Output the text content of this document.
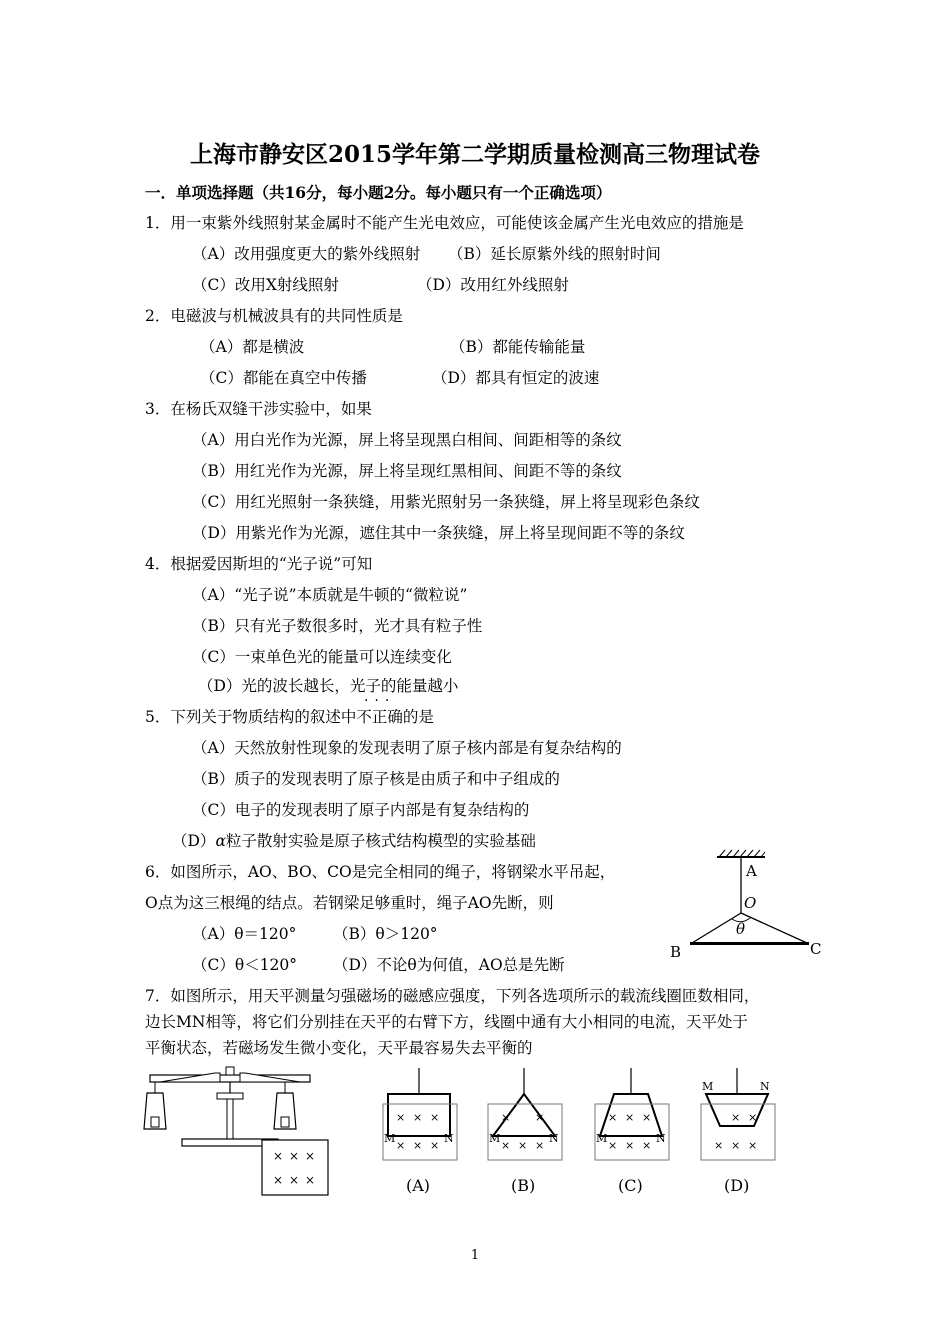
上海市静安区2015学年第二学期质量检测高三物理试卷
一．单项选择题（共16分，每小题2分。每小题只有一个正确选项）
1．用一束紫外线照射某金属时不能产生光电效应，可能使该金属产生光电效应的措施是
（A）改用强度更大的紫外线照射 （B）延长原紫外线的照射时间
（C）改用X射线照射	（D）改用红外线照射
2．电磁波与机械波具有的共同性质是
（A）都是横波	（B）都能传输能量
（C）都能在真空中传播	（D）都具有恒定的波速
3．在杨氏双缝干涉实验中，如果
（A）用白光作为光源，屏上将呈现黑白相间、间距相等的条纹
（B）用红光作为光源，屏上将呈现红黑相间、间距不等的条纹
（C）用红光照射一条狭缝，用紫光照射另一条狭缝，屏上将呈现彩色条纹
（D）用紫光作为光源，遮住其中一条狭缝，屏上将呈现间距不等的条纹
4．根据爱因斯坦的“光子说”可知
（A）“光子说”本质就是牛顿的“微粒说”
（B）只有光子数很多时，光才具有粒子性
（C）一束单色光的能量可以连续变化
（D）光的波长越长，光子的能量越小
5．下列关于物质结构的叙述中
···
不正确的是
（A）天然放射性现象的发现表明了原子核内部是有复杂结构的
（B）质子的发现表明了原子核是由质子和中子组成的
（C）电子的发现表明了原子内部是有复杂结构的
（D）α粒子散射实验是原子核式结构模型的实验基础
6．如图所示，AO、BO、CO是完全相同的绳子，将钢梁水平吊起，
O点为这三根绳的结点。若钢梁足够重时，绳子AO先断，则
（A）θ＝120° （B）θ＞120°
（C）θ＜120° （D）不论θ为何值，AO总是先断
A
O
θ
B	C
7．如图所示，用天平测量匀强磁场的磁感应强度，下列各选项所示的载流线圈匝数相同，
边长MN相等，将它们分别挂在天平的右臂下方，线圈中通有大小相同的电流，天平处于
平衡状态，若磁场发生微小变化，天平最容易失去平衡的
× × ×
× × ×
× × ×
× × ×
M	N
(A)
× ×
× × ×
M	N
(B)
× × ×
× × ×
M	N
(C)
× ×
× × ×
M	N
(D)
1
